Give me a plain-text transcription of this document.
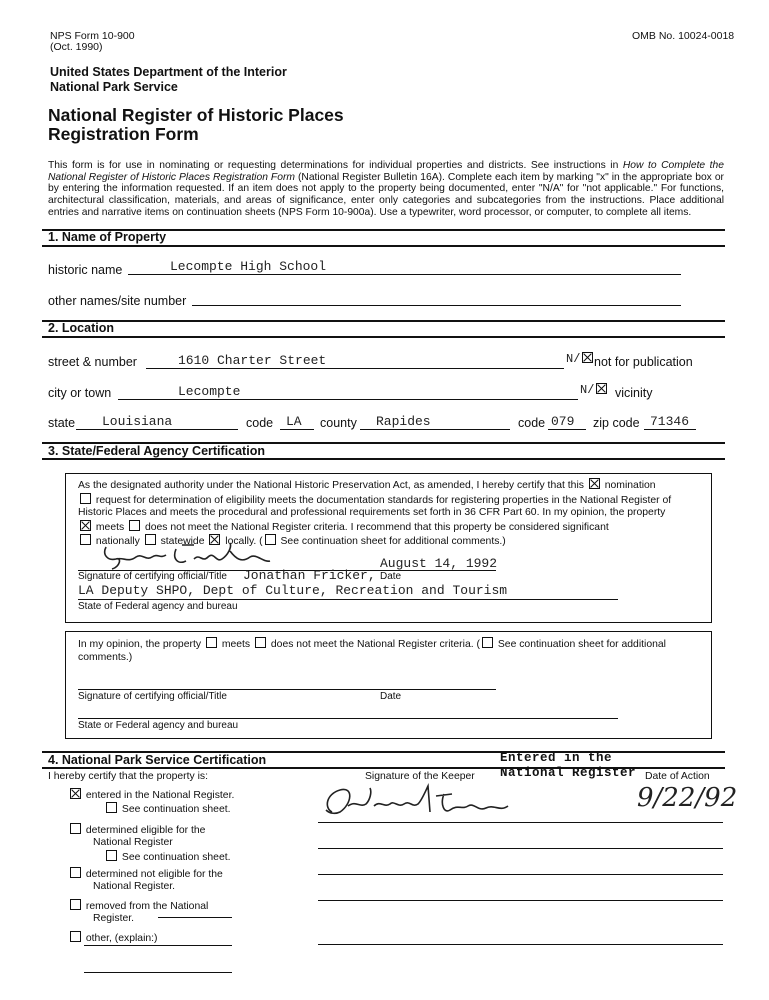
NPS Form 10-900
(Oct. 1990)
OMB No. 10024-0018
United States Department of the Interior
National Park Service
National Register of Historic Places
Registration Form
This form is for use in nominating or requesting determinations for individual properties and districts. See instructions in How to Complete the National Register of Historic Places Registration Form (National Register Bulletin 16A). Complete each item by marking "x" in the appropriate box or by entering the information requested. If an item does not apply to the property being documented, enter "N/A" for "not applicable." For functions, architectural classification, materials, and areas of significance, enter only categories and subcategories from the instructions. Place additional entries and narrative items on continuation sheets (NPS Form 10-900a). Use a typewriter, word processor, or computer, to complete all items.
1. Name of Property
historic name	Lecompte High School
other names/site number
2. Location
street & number	1610 Charter Street	N/	not for publication
city or town	Lecompte	N/	vicinity
state Louisiana	code LA county Rapides	code 079 zip code 71346
3. State/Federal Agency Certification

As the designated authority under the National Historic Preservation Act, as amended, I hereby certify that this nomination

request for determination of eligibility meets the documentation standards for registering properties in the National Register of

Historic Places and meets the procedural and professional requirements set forth in 36 CFR Part 60. In my opinion, the property

meets does not meet the National Register criteria. I recommend that this property be considered significant

nationally statewide locally. ( See continuation sheet for additional comments.)

August 14, 1992
Signature of certifying official/Title Jonathan Fricker, Date
LA Deputy SHPO, Dept of Culture, Recreation and Tourism
State of Federal agency and bureau
In my opinion, the property meets does not meet the National Register criteria. ( See continuation sheet for additional
comments.)
Signature of certifying official/Title	Date
State or Federal agency and bureau
4. National Park Service Certification	Entered in the
National Register
I hereby certify that the property is:	Signature of the Keeper	Date of Action
9/22/92
entered in the National Register.
See continuation sheet.
determined eligible for the
National Register
See continuation sheet.
determined not eligible for the
National Register.
removed from the National
Register.
other, (explain:)
